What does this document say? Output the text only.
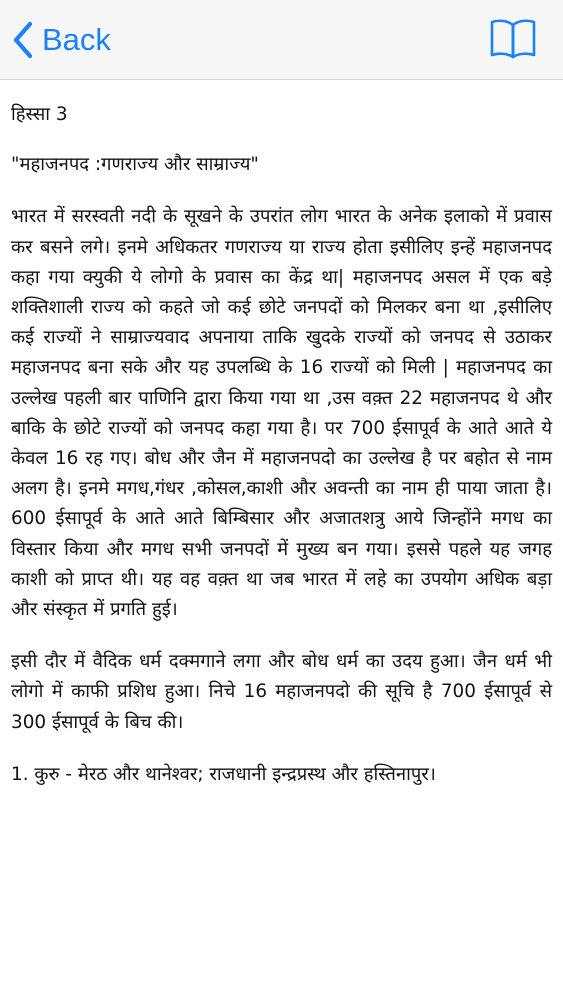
Back

हिस्सा 3

"महाजनपद :गणराज्य और साम्राज्य"

भारत में सरस्वती नदी के सूखने के उपरांत लोग भारत के अनेक इलाको में प्रवास कर बसने लगे। इनमे अधिकतर गणराज्य या राज्य होता इसीलिए इन्हें महाजनपद कहा गया क्युकी ये लोगो के प्रवास का केंद्र था| महाजनपद असल में एक बड़े शक्तिशाली राज्य को कहते जो कई छोटे जनपदों को मिलकर बना था ,इसीलिए कई राज्यों ने साम्राज्यवाद अपनाया ताकि खुदके राज्यों को जनपद से उठाकर महाजनपद बना सके और यह उपलब्धि के 16 राज्यों को मिली | महाजनपद का उल्लेख पहली बार पाणिनि द्वारा किया गया था ,उस वक़्त 22 महाजनपद थे और बाकि के छोटे राज्यों को जनपद कहा गया है। पर 700 ईसापूर्व के आते आते ये केवल 16 रह गए। बोध और जैन में महाजनपदो का उल्लेख है पर बहोत से नाम अलग है। इनमे मगध,गंधर ,कोसल,काशी और अवन्ती का नाम ही पाया जाता है। 600 ईसापूर्व के आते आते बिम्बिसार और अजातशत्रु आये जिन्होंने मगध का विस्तार किया और मगध सभी जनपदों में मुख्य बन गया। इससे पहले यह जगह काशी को प्राप्त थी। यह वह वक़्त था जब भारत में लहे का उपयोग अधिक बड़ा और संस्कृत में प्रगति हुई।

इसी दौर में वैदिक धर्म दक्मगाने लगा और बोध धर्म का उदय हुआ। जैन धर्म भी लोगो में काफी प्रशिध हुआ। निचे 16 महाजनपदो की सूचि है 700 ईसापूर्व से 300 ईसापूर्व के बिच की।

1. कुरु - मेरठ और थानेश्वर; राजधानी इन्द्रप्रस्थ और हस्तिनापुर।
